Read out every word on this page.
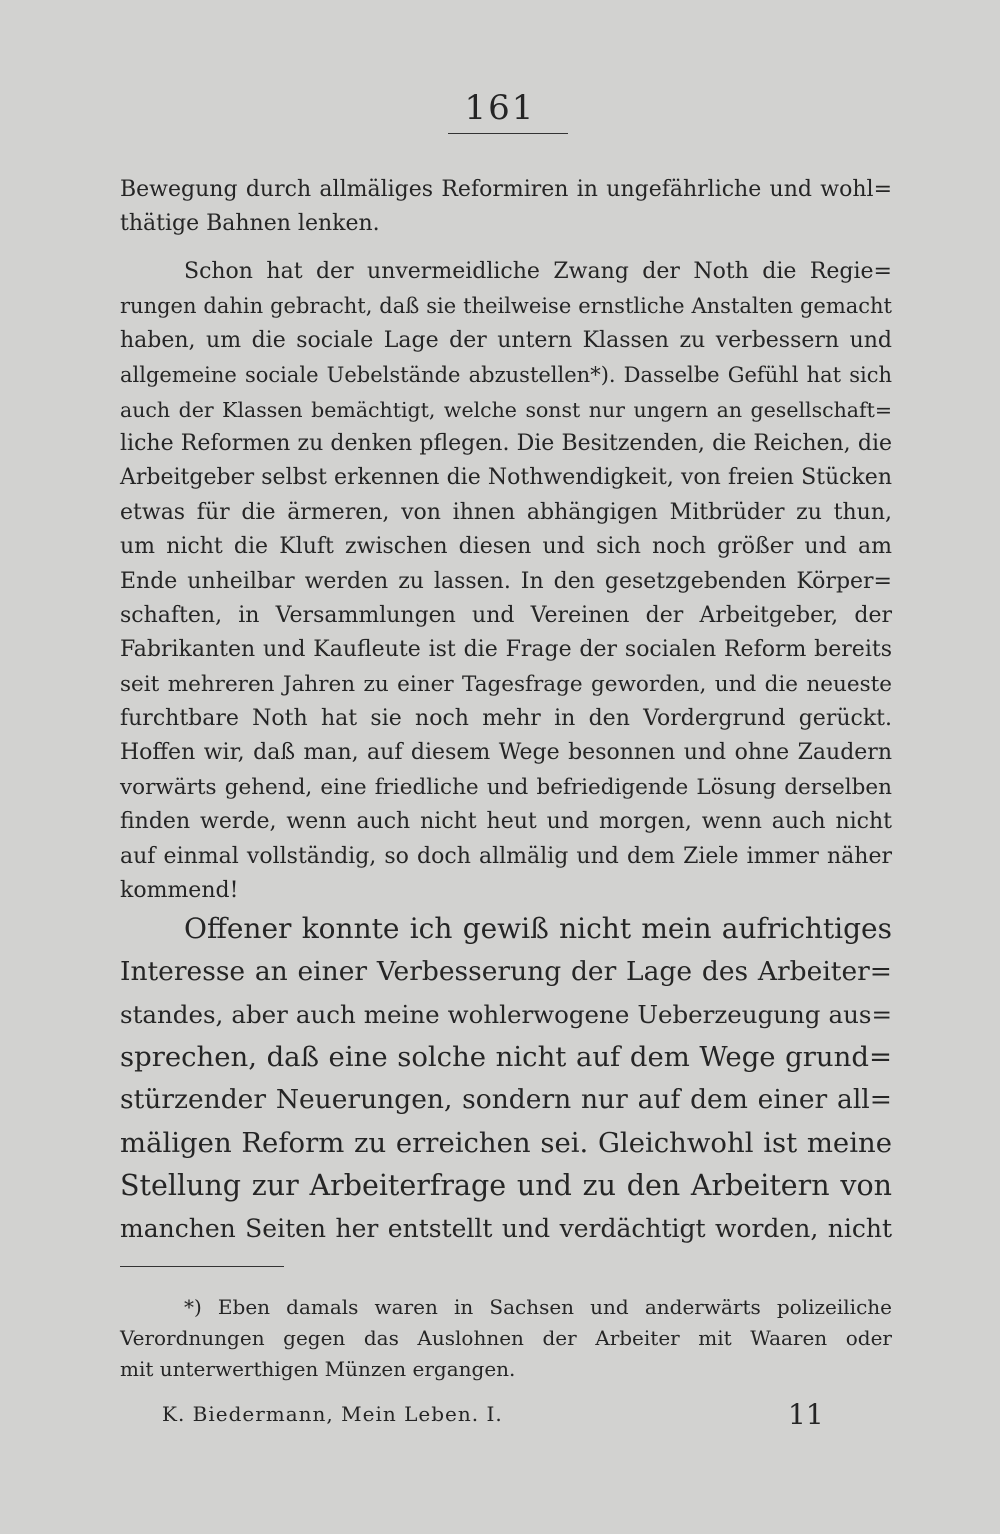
161
Bewegung durch allmäliges Reformiren in ungefährliche und wohl=
thätige Bahnen lenken.
Schon hat der unvermeidliche Zwang der Noth die Regie=
rungen dahin gebracht, daß sie theilweise ernstliche Anstalten gemacht
haben, um die sociale Lage der untern Klassen zu verbessern und
allgemeine sociale Uebelstände abzustellen*). Dasselbe Gefühl hat sich
auch der Klassen bemächtigt, welche sonst nur ungern an gesellschaft=
liche Reformen zu denken pflegen. Die Besitzenden, die Reichen, die
Arbeitgeber selbst erkennen die Nothwendigkeit, von freien Stücken
etwas für die ärmeren, von ihnen abhängigen Mitbrüder zu thun,
um nicht die Kluft zwischen diesen und sich noch größer und am
Ende unheilbar werden zu lassen. In den gesetzgebenden Körper=
schaften, in Versammlungen und Vereinen der Arbeitgeber, der
Fabrikanten und Kaufleute ist die Frage der socialen Reform bereits
seit mehreren Jahren zu einer Tagesfrage geworden, und die neueste
furchtbare Noth hat sie noch mehr in den Vordergrund gerückt.
Hoffen wir, daß man, auf diesem Wege besonnen und ohne Zaudern
vorwärts gehend, eine friedliche und befriedigende Lösung derselben
finden werde, wenn auch nicht heut und morgen, wenn auch nicht
auf einmal vollständig, so doch allmälig und dem Ziele immer näher
kommend!
Offener konnte ich gewiß nicht mein aufrichtiges
Interesse an einer Verbesserung der Lage des Arbeiter=
standes, aber auch meine wohlerwogene Ueberzeugung aus=
sprechen, daß eine solche nicht auf dem Wege grund=
stürzender Neuerungen, sondern nur auf dem einer all=
mäligen Reform zu erreichen sei. Gleichwohl ist meine
Stellung zur Arbeiterfrage und zu den Arbeitern von
manchen Seiten her entstellt und verdächtigt worden, nicht
*) Eben damals waren in Sachsen und anderwärts polizeiliche
Verordnungen gegen das Auslohnen der Arbeiter mit Waaren oder
mit unterwerthigen Münzen ergangen.
K. Biedermann, Mein Leben. I.	11
